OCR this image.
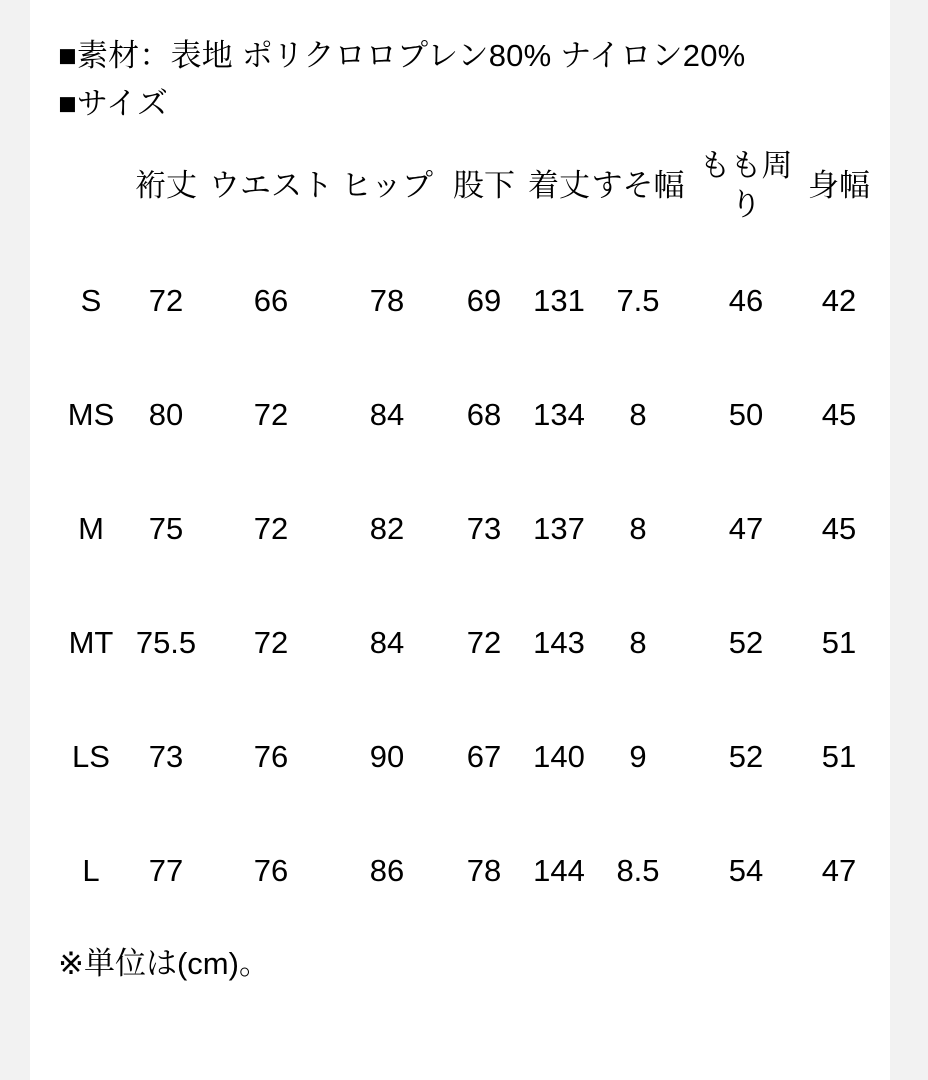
■素材：表地 ポリクロロプレン80% ナイロン20%
■サイズ
	裄丈	ウエスト	ヒップ	股下	着丈	すそ幅	もも周り	身幅
S	72	66	78	69	131	7.5	46	42
MS	80	72	84	68	134	8	50	45
M	75	72	82	73	137	8	47	45
MT	75.5	72	84	72	143	8	52	51
LS	73	76	90	67	140	9	52	51
L	77	76	86	78	144	8.5	54	47
※単位は(cm)。
